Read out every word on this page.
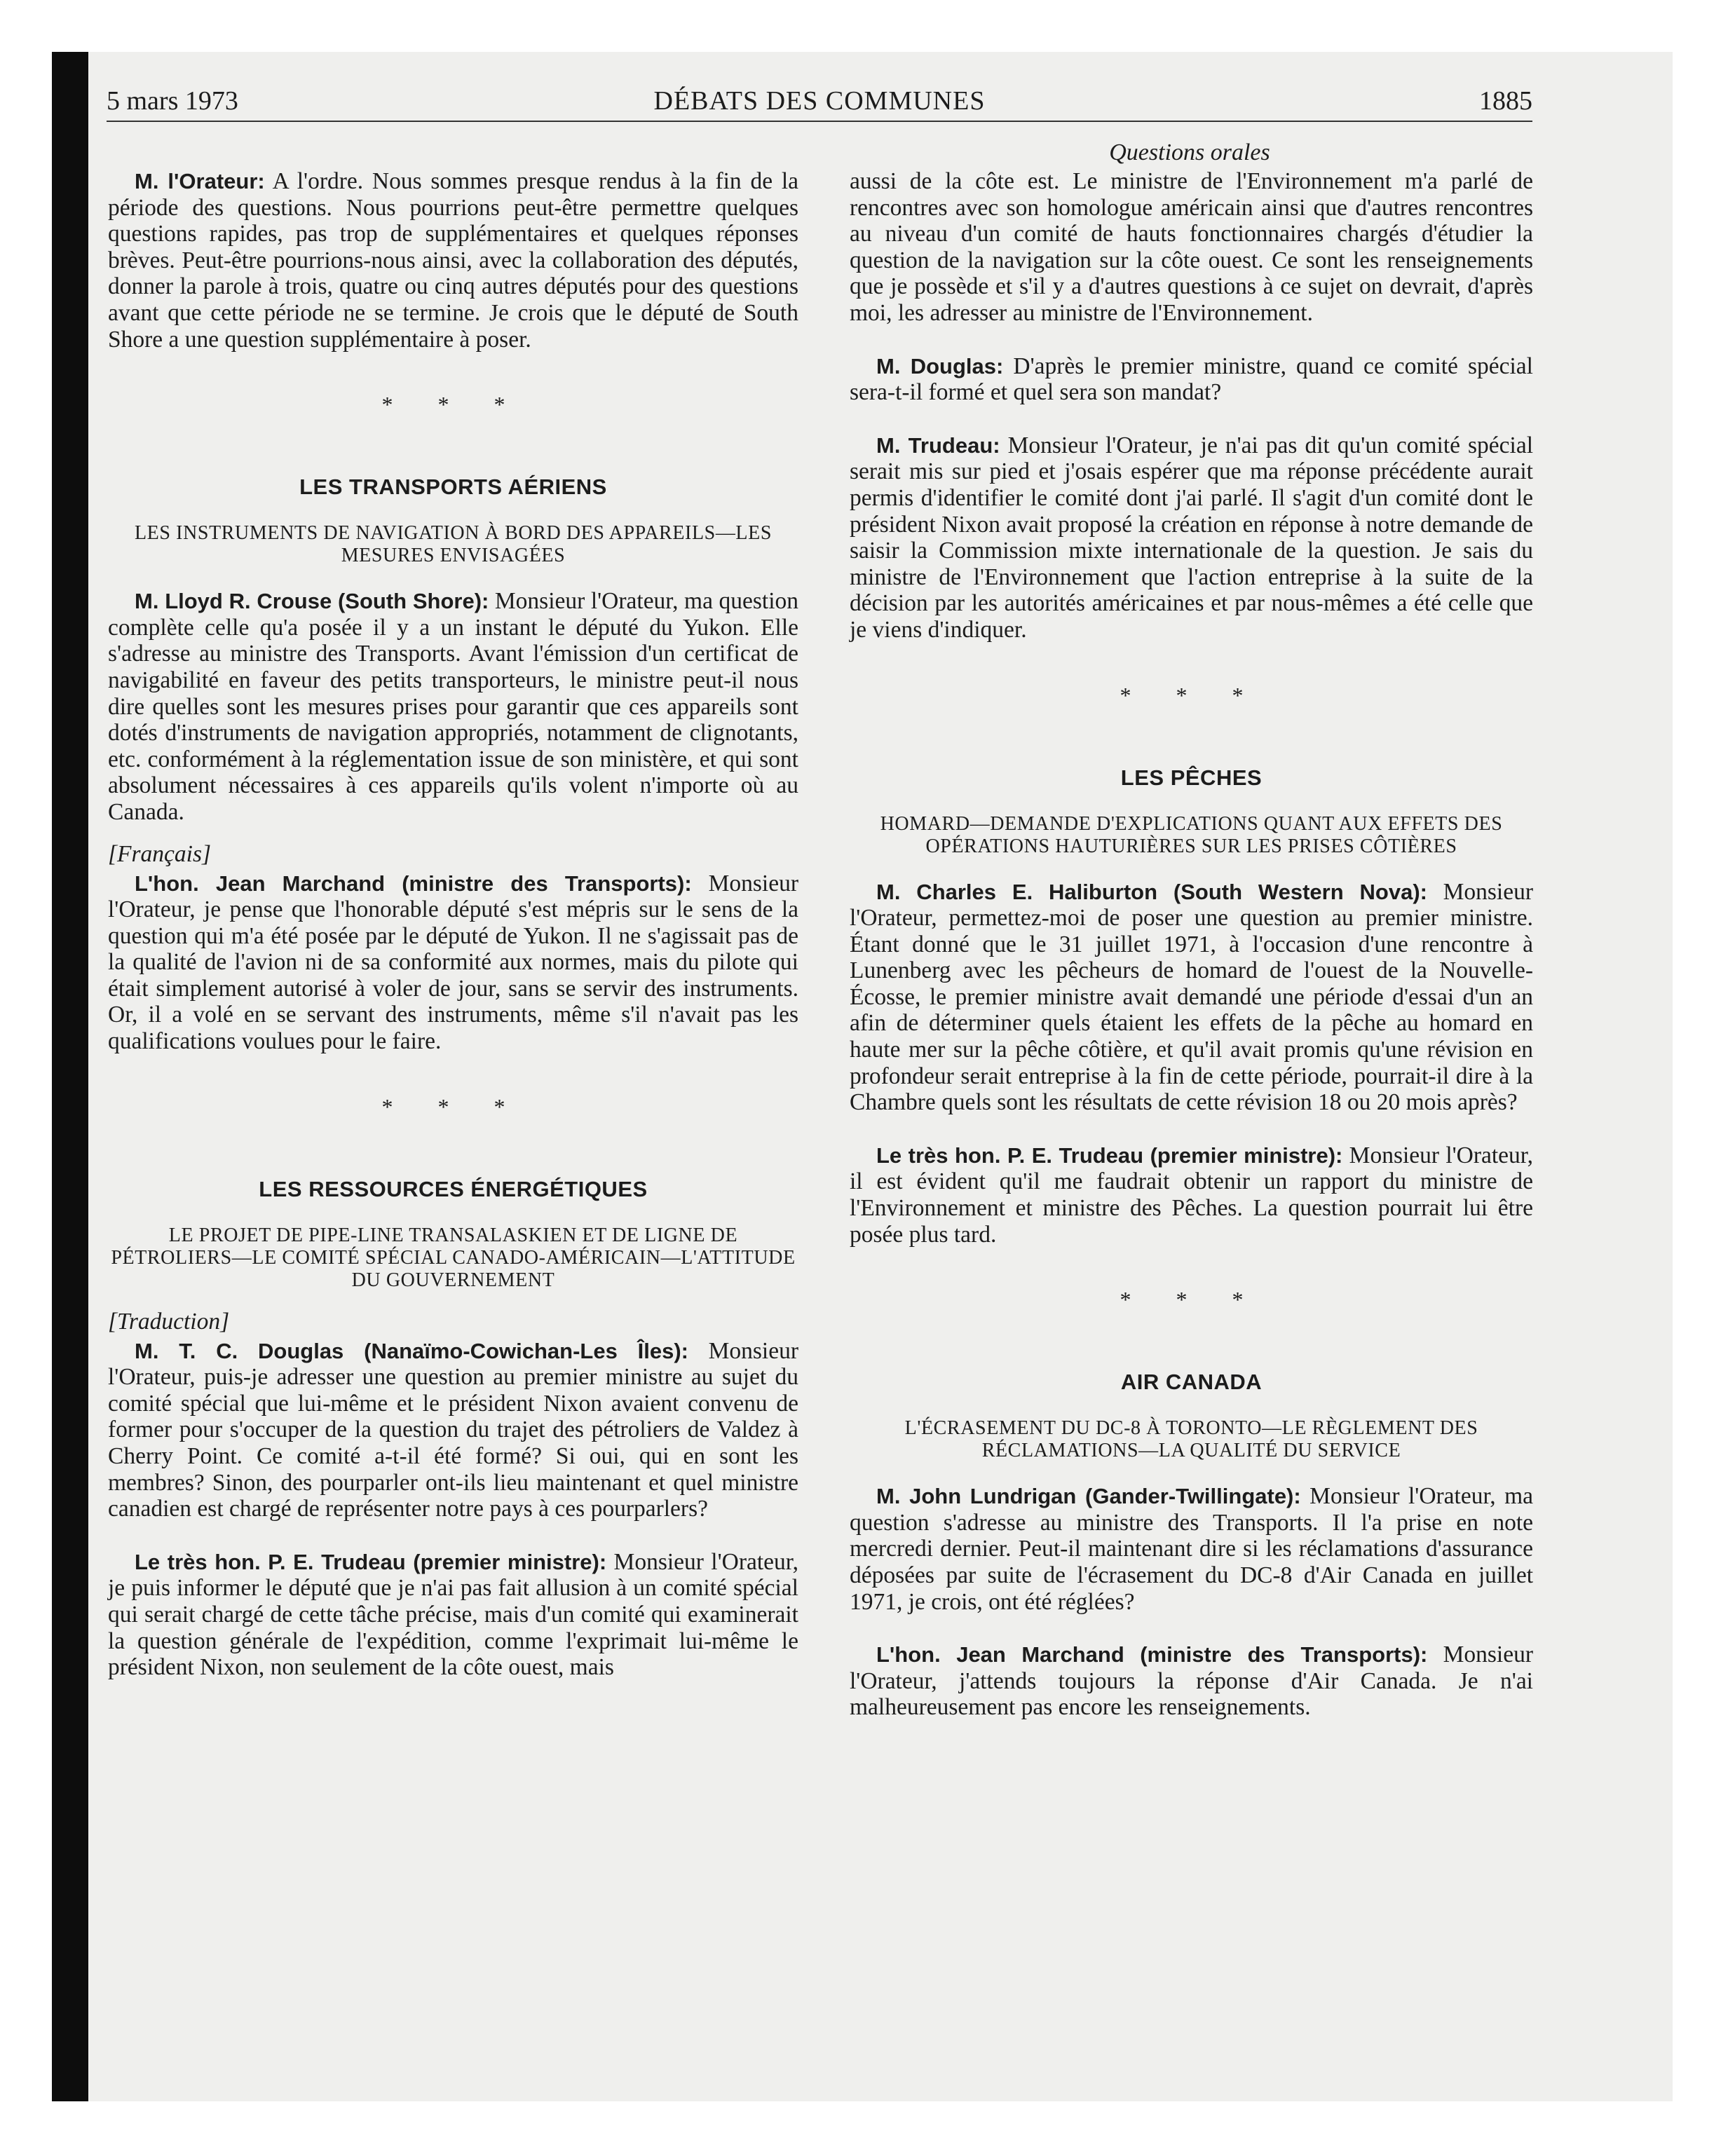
5 mars 1973	DÉBATS DES COMMUNES	1885
Questions orales

M. l'Orateur: A l'ordre. Nous sommes presque rendus à la fin de la période des questions. Nous pourrions peut-être permettre quelques questions rapides, pas trop de supplémentaires et quelques réponses brèves. Peut-être pourrions-nous ainsi, avec la collaboration des députés, donner la parole à trois, quatre ou cinq autres députés pour des questions avant que cette période ne se termine. Je crois que le député de South Shore a une question supplémentaire à poser.

* * *
LES TRANSPORTS AÉRIENS
LES INSTRUMENTS DE NAVIGATION À BORD DES APPAREILS—LES MESURES ENVISAGÉES

M. Lloyd R. Crouse (South Shore): Monsieur l'Orateur, ma question complète celle qu'a posée il y a un instant le député du Yukon. Elle s'adresse au ministre des Transports. Avant l'émission d'un certificat de navigabilité en faveur des petits transporteurs, le ministre peut-il nous dire quelles sont les mesures prises pour garantir que ces appareils sont dotés d'instruments de navigation appropriés, notamment de clignotants, etc. conformément à la réglementation issue de son ministère, et qui sont absolument nécessaires à ces appareils qu'ils volent n'importe où au Canada.

[Français]

L'hon. Jean Marchand (ministre des Transports): Monsieur l'Orateur, je pense que l'honorable député s'est mépris sur le sens de la question qui m'a été posée par le député de Yukon. Il ne s'agissait pas de la qualité de l'avion ni de sa conformité aux normes, mais du pilote qui était simplement autorisé à voler de jour, sans se servir des instruments. Or, il a volé en se servant des instruments, même s'il n'avait pas les qualifications voulues pour le faire.

* * *
LES RESSOURCES ÉNERGÉTIQUES
LE PROJET DE PIPE-LINE TRANSALASKIEN ET DE LIGNE DE PÉTROLIERS—LE COMITÉ SPÉCIAL CANADO-AMÉRICAIN—L'ATTITUDE DU GOUVERNEMENT
[Traduction]

M. T. C. Douglas (Nanaïmo-Cowichan-Les Îles): Monsieur l'Orateur, puis-je adresser une question au premier ministre au sujet du comité spécial que lui-même et le président Nixon avaient convenu de former pour s'occuper de la question du trajet des pétroliers de Valdez à Cherry Point. Ce comité a-t-il été formé? Si oui, qui en sont les membres? Sinon, des pourparler ont-ils lieu maintenant et quel ministre canadien est chargé de représenter notre pays à ces pourparlers?

Le très hon. P. E. Trudeau (premier ministre): Monsieur l'Orateur, je puis informer le député que je n'ai pas fait allusion à un comité spécial qui serait chargé de cette tâche précise, mais d'un comité qui examinerait la question générale de l'expédition, comme l'exprimait lui-même le président Nixon, non seulement de la côte ouest, mais

aussi de la côte est. Le ministre de l'Environnement m'a parlé de rencontres avec son homologue américain ainsi que d'autres rencontres au niveau d'un comité de hauts fonctionnaires chargés d'étudier la question de la navigation sur la côte ouest. Ce sont les renseignements que je possède et s'il y a d'autres questions à ce sujet on devrait, d'après moi, les adresser au ministre de l'Environnement.

M. Douglas: D'après le premier ministre, quand ce comité spécial sera-t-il formé et quel sera son mandat?

M. Trudeau: Monsieur l'Orateur, je n'ai pas dit qu'un comité spécial serait mis sur pied et j'osais espérer que ma réponse précédente aurait permis d'identifier le comité dont j'ai parlé. Il s'agit d'un comité dont le président Nixon avait proposé la création en réponse à notre demande de saisir la Commission mixte internationale de la question. Je sais du ministre de l'Environnement que l'action entreprise à la suite de la décision par les autorités américaines et par nous-mêmes a été celle que je viens d'indiquer.

* * *
LES PÊCHES
HOMARD—DEMANDE D'EXPLICATIONS QUANT AUX EFFETS DES OPÉRATIONS HAUTURIÈRES SUR LES PRISES CÔTIÈRES

M. Charles E. Haliburton (South Western Nova): Monsieur l'Orateur, permettez-moi de poser une question au premier ministre. Étant donné que le 31 juillet 1971, à l'occasion d'une rencontre à Lunenberg avec les pêcheurs de homard de l'ouest de la Nouvelle-Écosse, le premier ministre avait demandé une période d'essai d'un an afin de déterminer quels étaient les effets de la pêche au homard en haute mer sur la pêche côtière, et qu'il avait promis qu'une révision en profondeur serait entreprise à la fin de cette période, pourrait-il dire à la Chambre quels sont les résultats de cette révision 18 ou 20 mois après?

Le très hon. P. E. Trudeau (premier ministre): Monsieur l'Orateur, il est évident qu'il me faudrait obtenir un rapport du ministre de l'Environnement et ministre des Pêches. La question pourrait lui être posée plus tard.

* * *
AIR CANADA
L'ÉCRASEMENT DU DC-8 À TORONTO—LE RÈGLEMENT DES RÉCLAMATIONS—LA QUALITÉ DU SERVICE

M. John Lundrigan (Gander-Twillingate): Monsieur l'Orateur, ma question s'adresse au ministre des Transports. Il l'a prise en note mercredi dernier. Peut-il maintenant dire si les réclamations d'assurance déposées par suite de l'écrasement du DC-8 d'Air Canada en juillet 1971, je crois, ont été réglées?

L'hon. Jean Marchand (ministre des Transports): Monsieur l'Orateur, j'attends toujours la réponse d'Air Canada. Je n'ai malheureusement pas encore les renseignements.
